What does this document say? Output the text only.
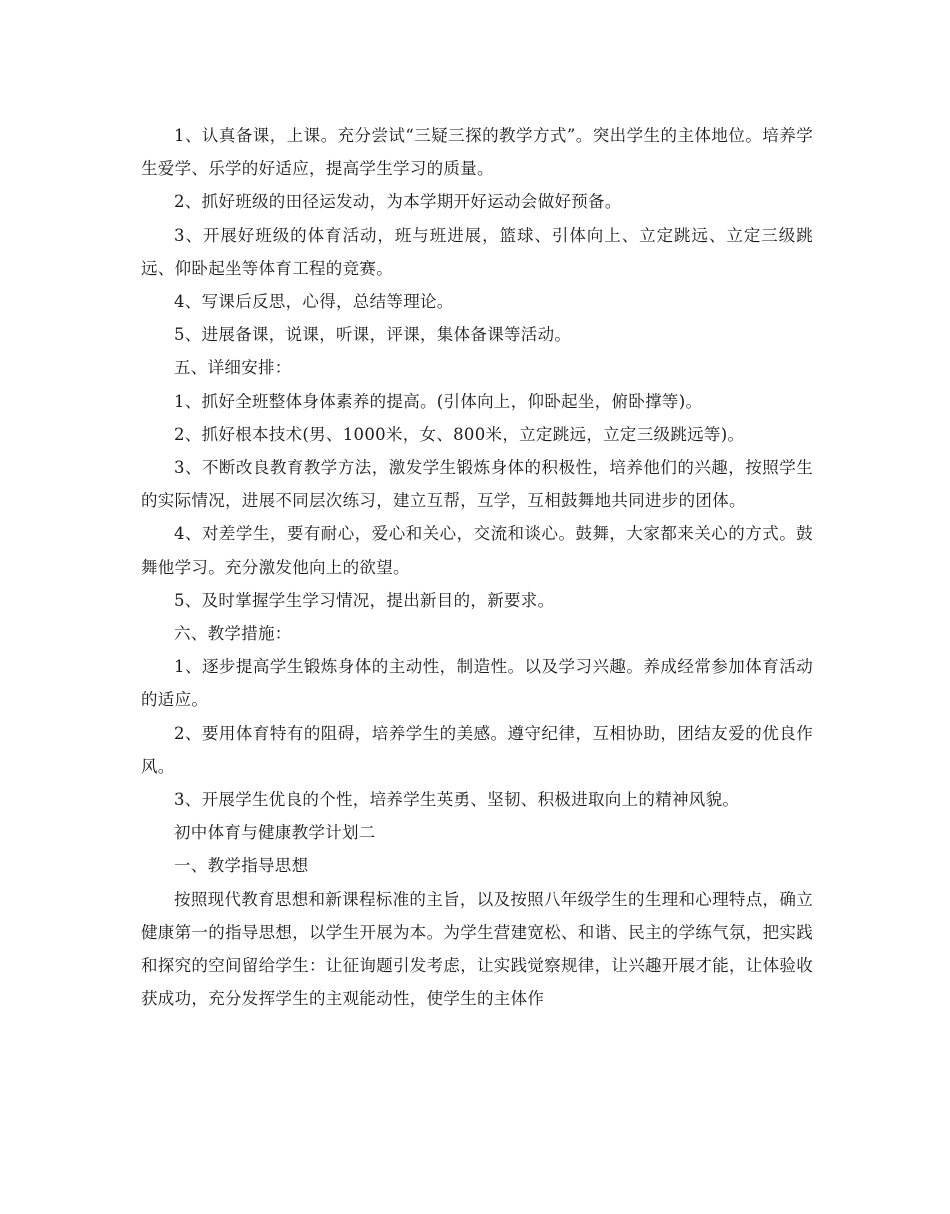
1、认真备课，上课。充分尝试“三疑三探的教学方式”。突出学生的主体地位。培养学生爱学、乐学的好适应，提高学生学习的质量。

2、抓好班级的田径运发动，为本学期开好运动会做好预备。

3、开展好班级的体育活动，班与班进展，篮球、引体向上、立定跳远、立定三级跳远、仰卧起坐等体育工程的竞赛。

4、写课后反思，心得，总结等理论。

5、进展备课，说课，听课，评课，集体备课等活动。

五、详细安排：

1、抓好全班整体身体素养的提高。(引体向上，仰卧起坐，俯卧撑等)。

2、抓好根本技术(男、1000米，女、800米，立定跳远，立定三级跳远等)。

3、不断改良教育教学方法，激发学生锻炼身体的积极性，培养他们的兴趣，按照学生的实际情况，进展不同层次练习，建立互帮，互学，互相鼓舞地共同进步的团体。

4、对差学生，要有耐心，爱心和关心，交流和谈心。鼓舞，大家都来关心的方式。鼓舞他学习。充分激发他向上的欲望。

5、及时掌握学生学习情况，提出新目的，新要求。

六、教学措施：

1、逐步提高学生锻炼身体的主动性，制造性。以及学习兴趣。养成经常参加体育活动的适应。

2、要用体育特有的阻碍，培养学生的美感。遵守纪律，互相协助，团结友爱的优良作风。

3、开展学生优良的个性，培养学生英勇、坚韧、积极进取向上的精神风貌。

初中体育与健康教学计划二

一、教学指导思想

按照现代教育思想和新课程标准的主旨，以及按照八年级学生的生理和心理特点，确立健康第一的指导思想，以学生开展为本。为学生营建宽松、和谐、民主的学练气氛，把实践和探究的空间留给学生：让征询题引发考虑，让实践觉察规律，让兴趣开展才能，让体验收获成功，充分发挥学生的主观能动性，使学生的主体作
